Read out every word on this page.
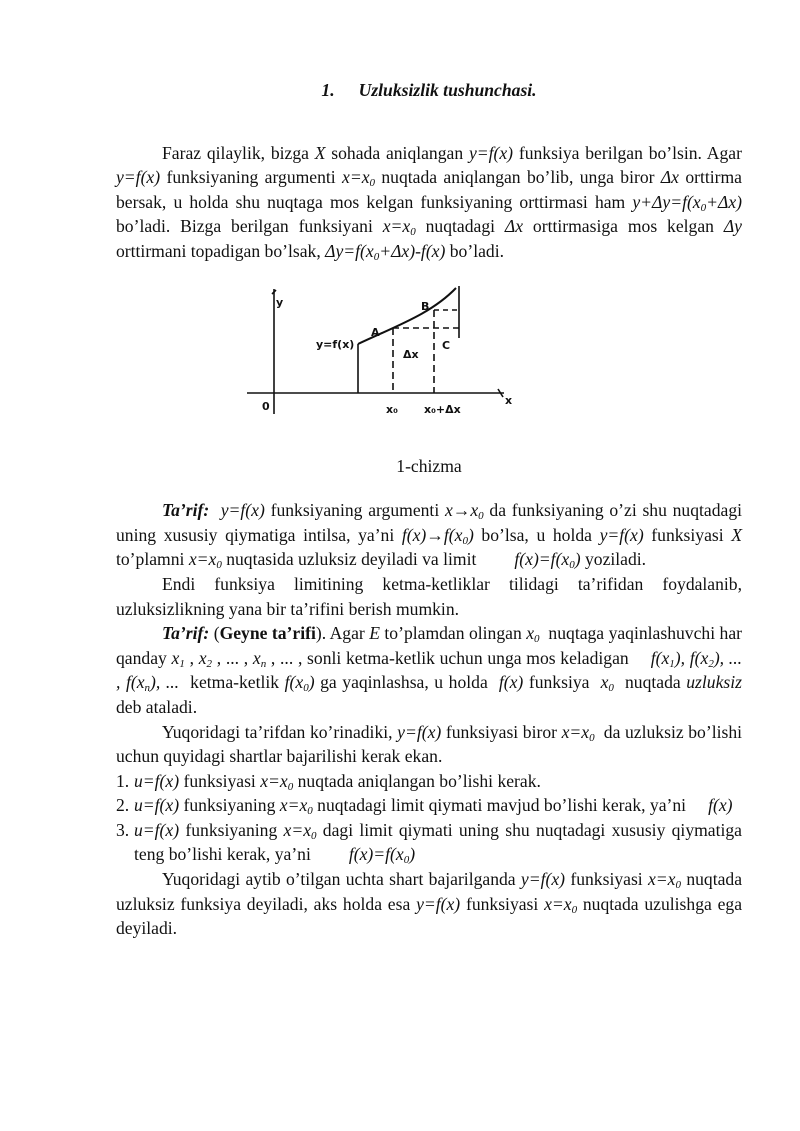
1. Uzluksizlik tushunchasi.

Faraz qilaylik, bizga X sohada aniqlangan y=f(x) funksiya berilgan bo’lsin. Agar y=f(x) funksiyaning argumenti $x=x_0$ nuqtada aniqlangan bo’lib, unga biror Δx orttirma bersak, u holda shu nuqtaga mos kelgan funksiyaning orttirmasi ham $y+\Delta y=f(x_0+\Delta x)$ bo’ladi. Bizga berilgan funksiyani $x=x_0$ nuqtadagi Δx orttirmasiga mos kelgan Δy orttirmani topadigan bo’lsak, $\Delta y=f(x_0+\Delta x)-f(x)$ bo’ladi.

y
y=f(x)
A
B
C
Δx
0	x₀ x₀+Δx
x
1-chizma

Ta’rif: y=f(x) funksiyaning argumenti $x\to x_0$ da funksiyaning o’zi shu nuqtadagi uning xususiy qiymatiga intilsa, ya’ni $f(x)\to f(x_0)$ bo’lsa, u holda y=f(x) funksiyasi X to’plamni $x=x_0$ nuqtasida uzluksiz deyiladi va limit $f(x)=f(x_0)$ yoziladi.

Endi funksiya limitining ketma-ketliklar tilidagi ta’rifidan foydalanib, uzluksizlikning yana bir ta’rifini berish mumkin.

Ta’rif: (Geyne ta’rifi). Agar E to’plamdan olingan $x_0$  nuqtaga yaqinlashuvchi har qanday $x_1$ , $x_2$ , ... , $x_n$ , ... , sonli ketma-ketlik uchun unga mos keladigan $f(x_1)$, $f(x_2)$, ... , $f(x_n)$, ...  ketma-ketlik $f(x_0)$ ga yaqinlashsa, u holda  f(x) funksiya  $x_0$  nuqtada uzluksiz deb ataladi.

Yuqoridagi ta’rifdan ko’rinadiki, y=f(x) funksiyasi biror $x=x_0$  da uzluksiz bo’lishi uchun quyidagi shartlar bajarilishi kerak ekan.

1. u=f(x) funksiyasi $x=x_0$ nuqtada aniqlangan bo’lishi kerak.
2. u=f(x) funksiyaning $x=x_0$ nuqtadagi limit qiymati mavjud bo’lishi kerak, ya’ni f(x)
3. u=f(x) funksiyaning $x=x_0$ dagi limit qiymati uning shu nuqtadagi xususiy qiymatiga teng bo’lishi kerak, ya’ni $f(x)=f(x_0)$

Yuqoridagi aytib o’tilgan uchta shart bajarilganda y=f(x) funksiyasi $x=x_0$ nuqtada uzluksiz funksiya deyiladi, aks holda esa y=f(x) funksiyasi $x=x_0$ nuqtada uzulishga ega deyiladi.
